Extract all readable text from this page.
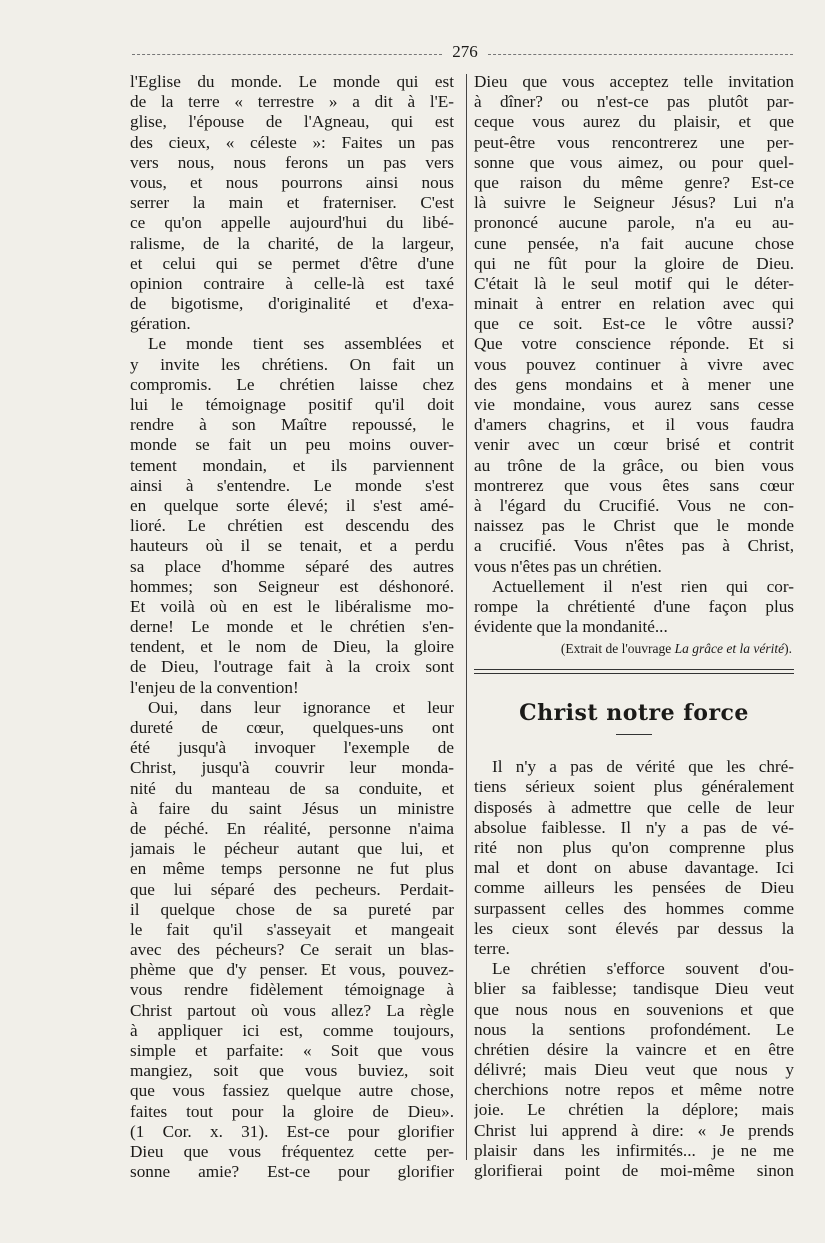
276
l'Eglise du monde. Le monde qui est
de la terre « terrestre » a dit à l'E-
glise, l'épouse de l'Agneau, qui est
des cieux, « céleste »: Faites un pas
vers nous, nous ferons un pas vers
vous, et nous pourrons ainsi nous
serrer la main et fraterniser. C'est
ce qu'on appelle aujourd'hui du libé-
ralisme, de la charité, de la largeur,
et celui qui se permet d'être d'une
opinion contraire à celle-là est taxé
de bigotisme, d'originalité et d'exa-
gération.
Le monde tient ses assemblées et
y invite les chrétiens. On fait un
compromis. Le chrétien laisse chez
lui le témoignage positif qu'il doit
rendre à son Maître repoussé, le
monde se fait un peu moins ouver-
tement mondain, et ils parviennent
ainsi à s'entendre. Le monde s'est
en quelque sorte élevé; il s'est amé-
lioré. Le chrétien est descendu des
hauteurs où il se tenait, et a perdu
sa place d'homme séparé des autres
hommes; son Seigneur est déshonoré.
Et voilà où en est le libéralisme mo-
derne! Le monde et le chrétien s'en-
tendent, et le nom de Dieu, la gloire
de Dieu, l'outrage fait à la croix sont
l'enjeu de la convention!
Oui, dans leur ignorance et leur
dureté de cœur, quelques-uns ont
été jusqu'à invoquer l'exemple de
Christ, jusqu'à couvrir leur monda-
nité du manteau de sa conduite, et
à faire du saint Jésus un ministre
de péché. En réalité, personne n'aima
jamais le pécheur autant que lui, et
en même temps personne ne fut plus
que lui séparé des pecheurs. Perdait-
il quelque chose de sa pureté par
le fait qu'il s'asseyait et mangeait
avec des pécheurs? Ce serait un blas-
phème que d'y penser. Et vous, pouvez-
vous rendre fidèlement témoignage à
Christ partout où vous allez? La règle
à appliquer ici est, comme toujours,
simple et parfaite: « Soit que vous
mangiez, soit que vous buviez, soit
que vous fassiez quelque autre chose,
faites tout pour la gloire de Dieu».
(1 Cor. x. 31). Est-ce pour glorifier
Dieu que vous fréquentez cette per-
sonne amie? Est-ce pour glorifier
Dieu que vous acceptez telle invitation
à dîner? ou n'est-ce pas plutôt par-
ceque vous aurez du plaisir, et que
peut-être vous rencontrerez une per-
sonne que vous aimez, ou pour quel-
que raison du même genre? Est-ce
là suivre le Seigneur Jésus? Lui n'a
prononcé aucune parole, n'a eu au-
cune pensée, n'a fait aucune chose
qui ne fût pour la gloire de Dieu.
C'était là le seul motif qui le déter-
minait à entrer en relation avec qui
que ce soit. Est-ce le vôtre aussi?
Que votre conscience réponde. Et si
vous pouvez continuer à vivre avec
des gens mondains et à mener une
vie mondaine, vous aurez sans cesse
d'amers chagrins, et il vous faudra
venir avec un cœur brisé et contrit
au trône de la grâce, ou bien vous
montrerez que vous êtes sans cœur
à l'égard du Crucifié. Vous ne con-
naissez pas le Christ que le monde
a crucifié. Vous n'êtes pas à Christ,
vous n'êtes pas un chrétien.
Actuellement il n'est rien qui cor-
rompe la chrétienté d'une façon plus
évidente que la mondanité...
(Extrait de l'ouvrage La grâce et la vérité).
Christ notre force
Il n'y a pas de vérité que les chré-
tiens sérieux soient plus généralement
disposés à admettre que celle de leur
absolue faiblesse. Il n'y a pas de vé-
rité non plus qu'on comprenne plus
mal et dont on abuse davantage. Ici
comme ailleurs les pensées de Dieu
surpassent celles des hommes comme
les cieux sont élevés par dessus la
terre.
Le chrétien s'efforce souvent d'ou-
blier sa faiblesse; tandisque Dieu veut
que nous nous en souvenions et que
nous la sentions profondément. Le
chrétien désire la vaincre et en être
délivré; mais Dieu veut que nous y
cherchions notre repos et même notre
joie. Le chrétien la déplore; mais
Christ lui apprend à dire: « Je prends
plaisir dans les infirmités... je ne me
glorifierai point de moi-même sinon
